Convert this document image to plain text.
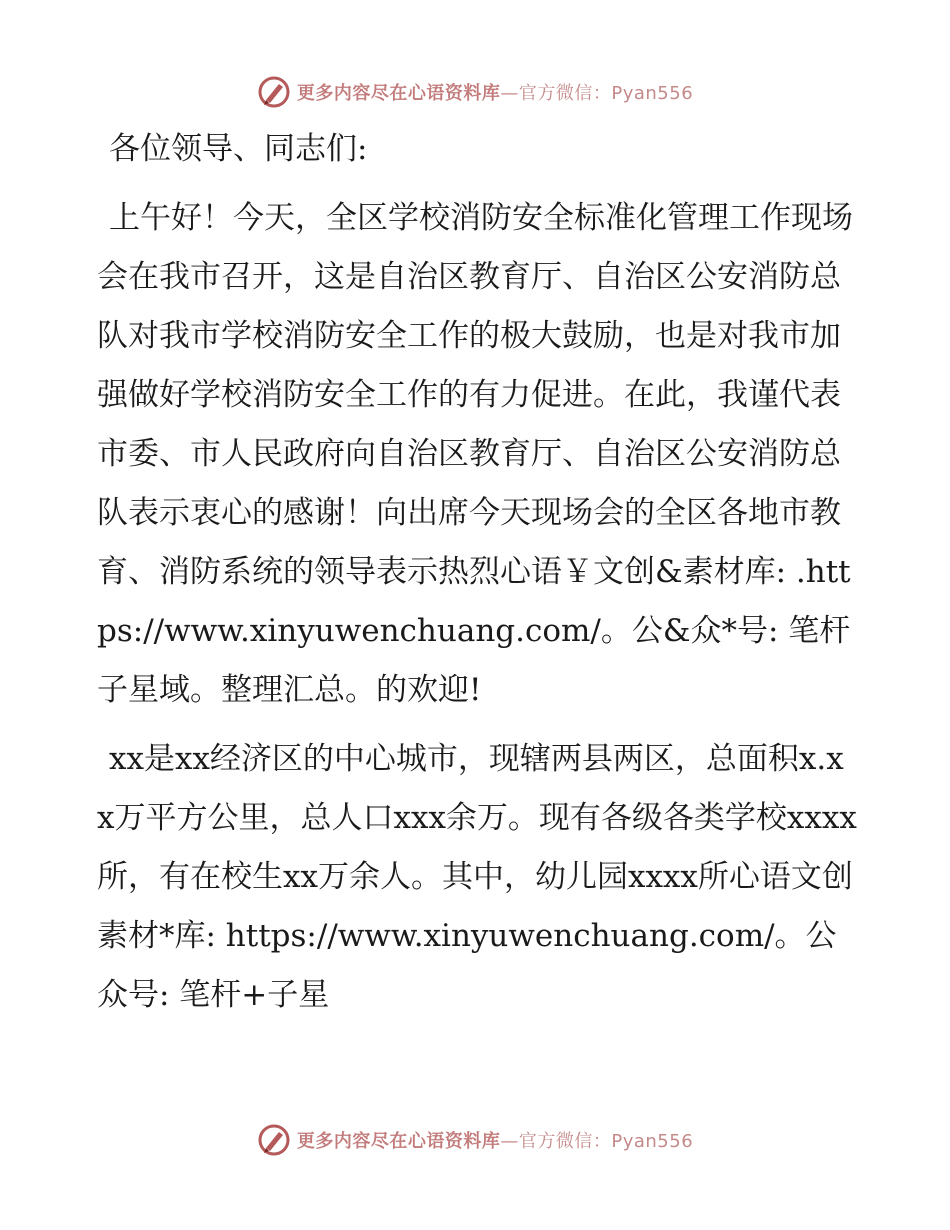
更多内容尽在心语资料库—官方微信：Pyan556

各位领导、同志们:

上午好！今天，全区学校消防安全标准化管理工作现场会在我市召开，这是自治区教育厅、自治区公安消防总队对我市学校消防安全工作的极大鼓励，也是对我市加强做好学校消防安全工作的有力促进。在此，我谨代表市委、市人民政府向自治区教育厅、自治区公安消防总队表示衷心的感谢！向出席今天现场会的全区各地市教育、消防系统的领导表示热烈心语￥文创&素材库: .https://www.xinyuwenchuang.com/。公&众*号: 笔杆子星域。整理汇总。的欢迎!

xx是xx经济区的中心城市，现辖两县两区，总面积x.xx万平方公里，总人口xxx余万。现有各级各类学校xxxx所，有在校生xx万余人。其中，幼儿园xxxx所心语文创素材*库: https://www.xinyuwenchuang.com/。公众号: 笔杆+子星

更多内容尽在心语资料库—官方微信：Pyan556
